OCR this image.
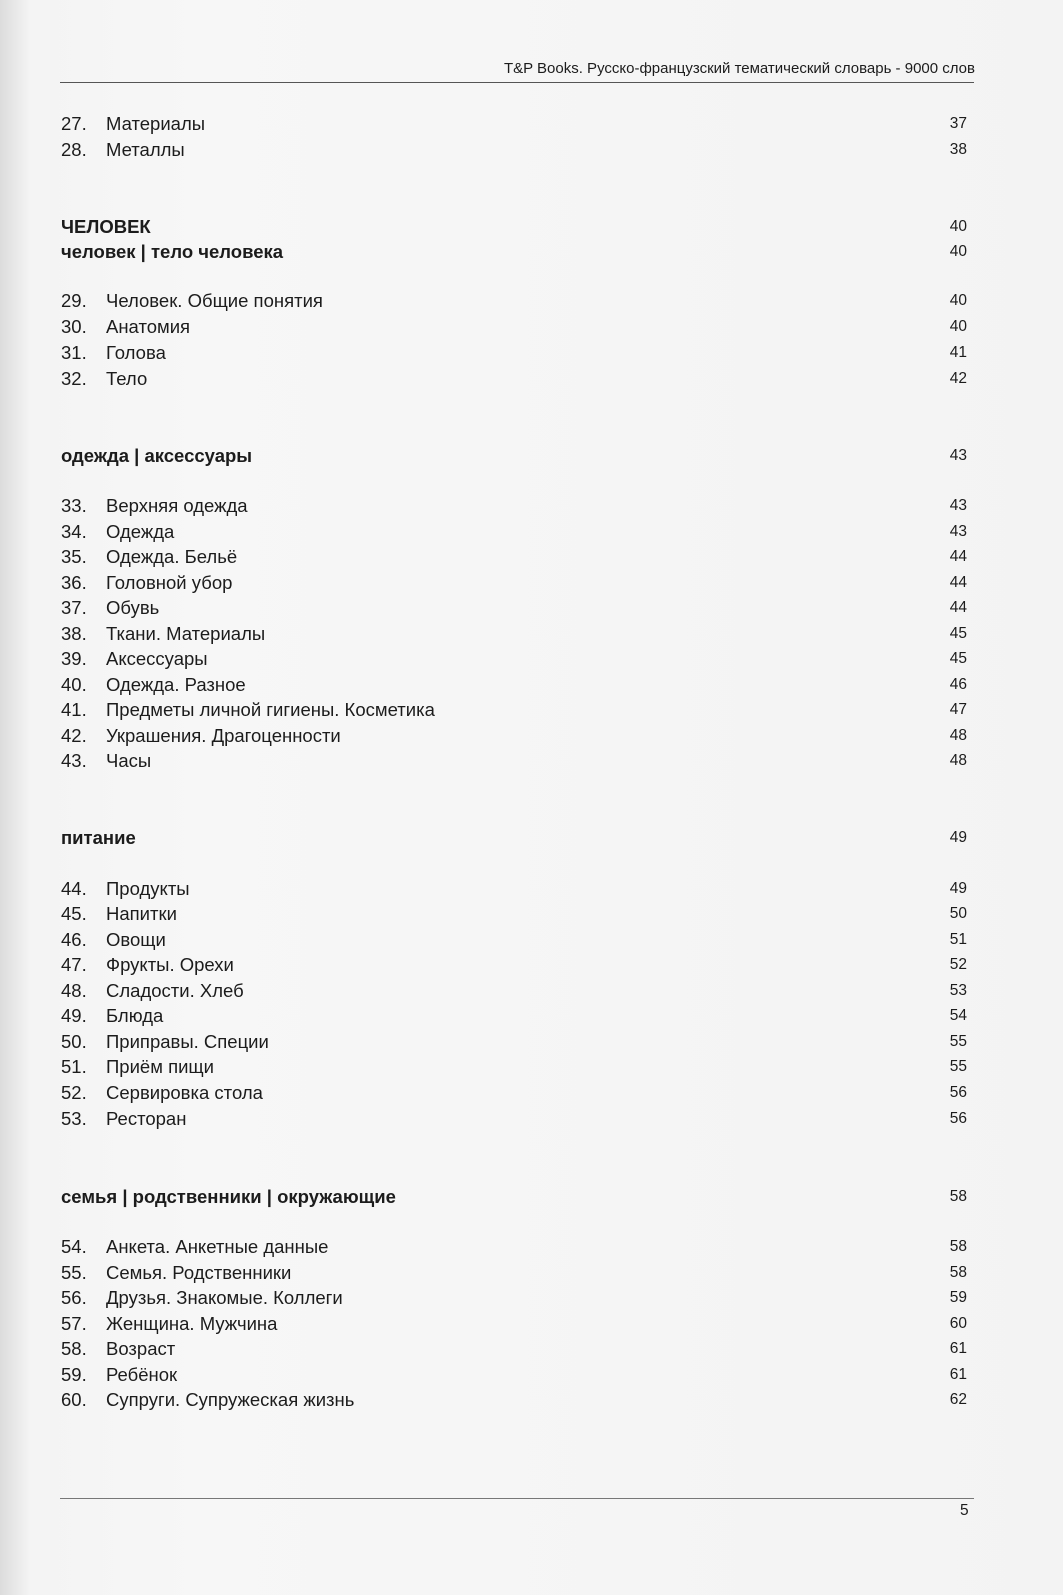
T&P Books. Русско-французский тематический словарь - 9000 слов
27.	Материалы	37
28.	Металлы	38
ЧЕЛОВЕК	40
человек | тело человека	40
29.	Человек. Общие понятия	40
30.	Анатомия	40
31.	Голова	41
32.	Тело	42
одежда | аксессуары	43
33.	Верхняя одежда	43
34.	Одежда	43
35.	Одежда. Бельё	44
36.	Головной убор	44
37.	Обувь	44
38.	Ткани. Материалы	45
39.	Аксессуары	45
40.	Одежда. Разное	46
41.	Предметы личной гигиены. Косметика	47
42.	Украшения. Драгоценности	48
43.	Часы	48
питание	49
44.	Продукты	49
45.	Напитки	50
46.	Овощи	51
47.	Фрукты. Орехи	52
48.	Сладости. Хлеб	53
49.	Блюда	54
50.	Приправы. Специи	55
51.	Приём пищи	55
52.	Сервировка стола	56
53.	Ресторан	56
семья | родственники | окружающие	58
54.	Анкета. Анкетные данные	58
55.	Семья. Родственники	58
56.	Друзья. Знакомые. Коллеги	59
57.	Женщина. Мужчина	60
58.	Возраст	61
59.	Ребёнок	61
60.	Супруги. Супружеская жизнь	62
5
